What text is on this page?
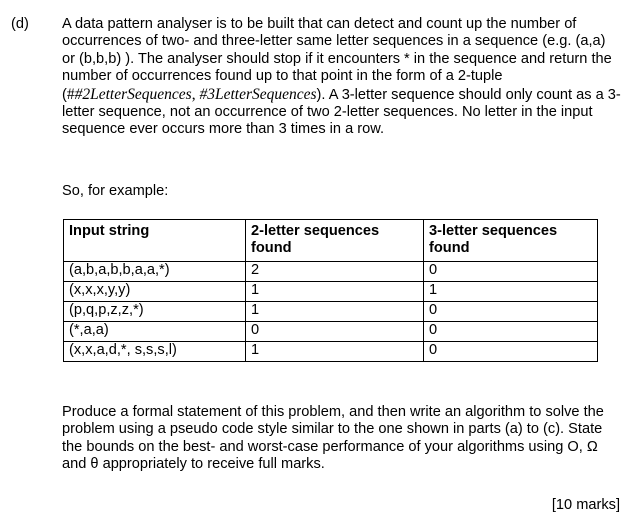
(d) A data pattern analyser is to be built that can detect and count up the number of occurrences of two- and three-letter same letter sequences in a sequence (e.g. (a,a) or (b,b,b) ). The analyser should stop if it encounters * in the sequence and return the number of occurrences found up to that point in the form of a 2-tuple (##2LetterSequences, #3LetterSequences). A 3-letter sequence should only count as a 3-letter sequence, not an occurrence of two 2-letter sequences. No letter in the input sequence ever occurs more than 3 times in a row.

So, for example:

Input string	2-letter sequences found	3-letter sequences found
(a,b,a,b,b,a,a,*)	2	0
(x,x,x,y,y)	1	1
(p,q,p,z,z,*)	1	0
(*,a,a)	0	0
(x,x,a,d,*, s,s,s,l)	1	0

Produce a formal statement of this problem, and then write an algorithm to solve the problem using a pseudo code style similar to the one shown in parts (a) to (c). State the bounds on the best- and worst-case performance of your algorithms using O, Ω and θ appropriately to receive full marks.

[10 marks]
